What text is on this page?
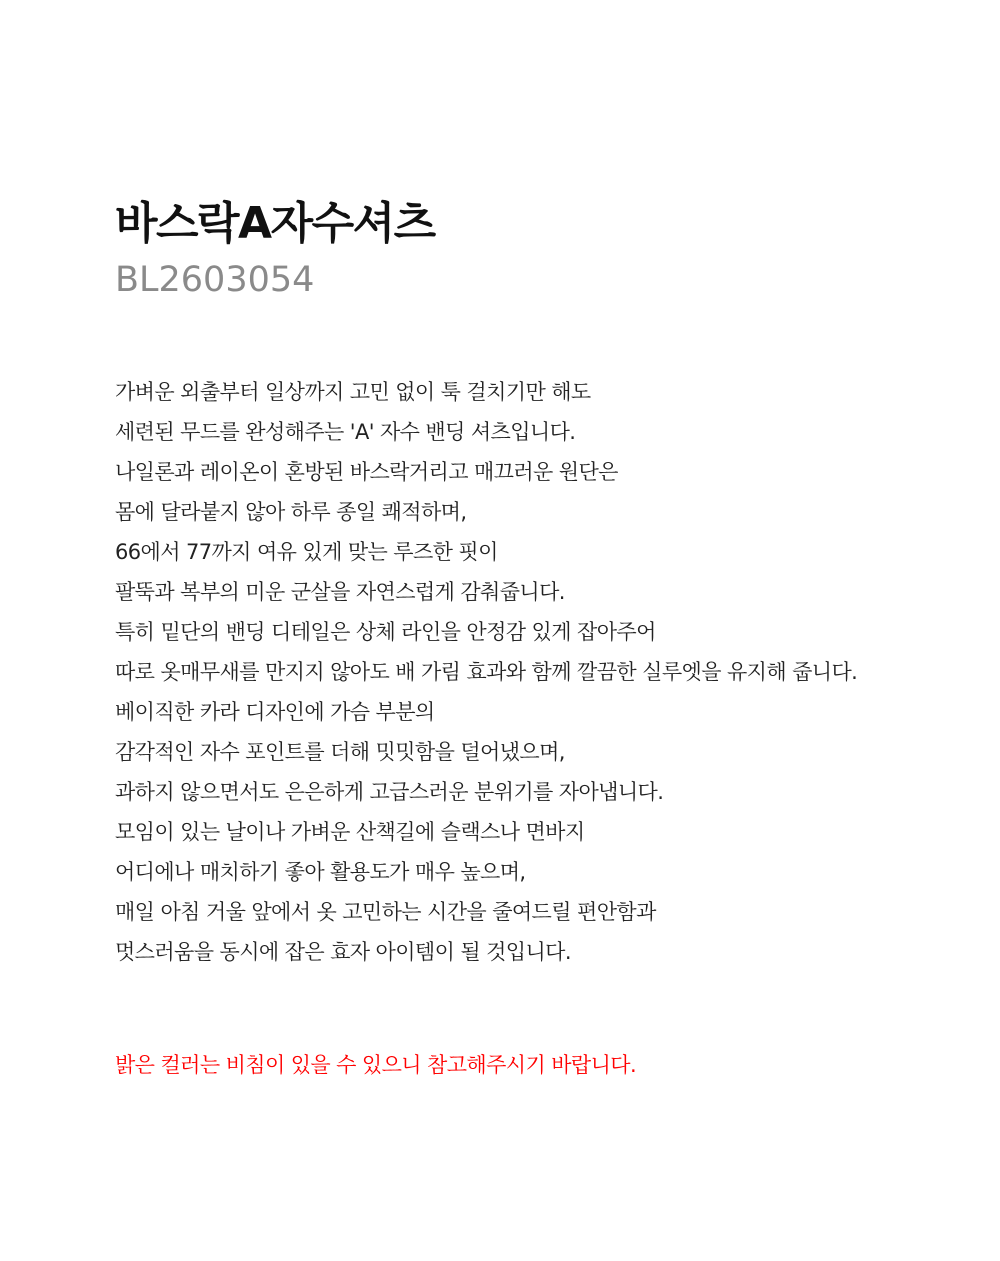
바스락A자수셔츠

BL2603054

가벼운 외출부터 일상까지 고민 없이 툭 걸치기만 해도
세련된 무드를 완성해주는 'A' 자수 밴딩 셔츠입니다.
나일론과 레이온이 혼방된 바스락거리고 매끄러운 원단은
몸에 달라붙지 않아 하루 종일 쾌적하며,
66에서 77까지 여유 있게 맞는 루즈한 핏이
팔뚝과 복부의 미운 군살을 자연스럽게 감춰줍니다.
특히 밑단의 밴딩 디테일은 상체 라인을 안정감 있게 잡아주어
따로 옷매무새를 만지지 않아도 배 가림 효과와 함께 깔끔한 실루엣을 유지해 줍니다.
베이직한 카라 디자인에 가슴 부분의
감각적인 자수 포인트를 더해 밋밋함을 덜어냈으며,
과하지 않으면서도 은은하게 고급스러운 분위기를 자아냅니다.
모임이 있는 날이나 가벼운 산책길에 슬랙스나 면바지
어디에나 매치하기 좋아 활용도가 매우 높으며,
매일 아침 거울 앞에서 옷 고민하는 시간을 줄여드릴 편안함과
멋스러움을 동시에 잡은 효자 아이템이 될 것입니다.

밝은 컬러는 비침이 있을 수 있으니 참고해주시기 바랍니다.
